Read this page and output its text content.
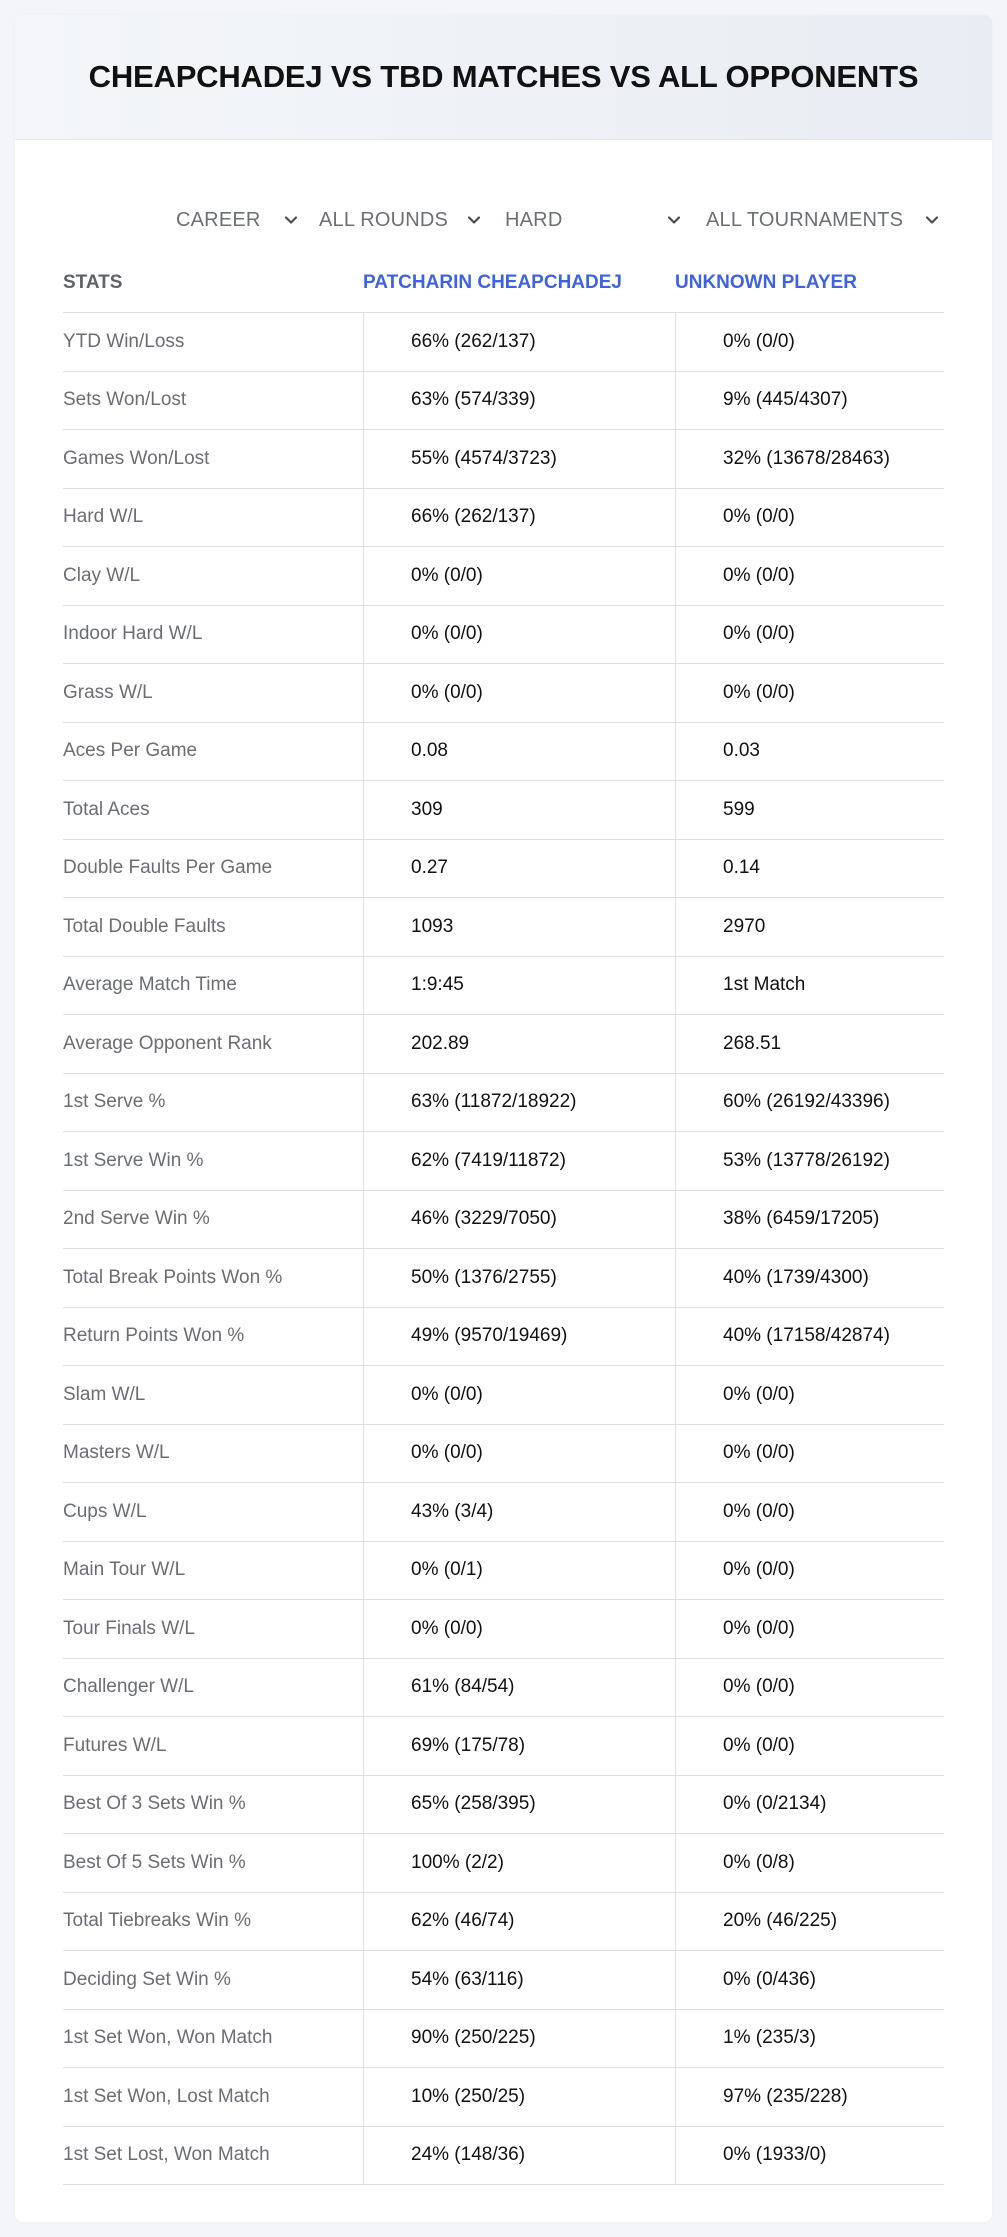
CHEAPCHADEJ VS TBD MATCHES VS ALL OPPONENTS
CAREER	ALL ROUNDS	HARD	ALL TOURNAMENTS
STATS	PATCHARIN CHEAPCHADEJ	UNKNOWN PLAYER
YTD Win/Loss	66% (262/137)	0% (0/0)
Sets Won/Lost	63% (574/339)	9% (445/4307)
Games Won/Lost	55% (4574/3723)	32% (13678/28463)
Hard W/L	66% (262/137)	0% (0/0)
Clay W/L	0% (0/0)	0% (0/0)
Indoor Hard W/L	0% (0/0)	0% (0/0)
Grass W/L	0% (0/0)	0% (0/0)
Aces Per Game	0.08	0.03
Total Aces	309	599
Double Faults Per Game	0.27	0.14
Total Double Faults	1093	2970
Average Match Time	1:9:45	1st Match
Average Opponent Rank	202.89	268.51
1st Serve %	63% (11872/18922)	60% (26192/43396)
1st Serve Win %	62% (7419/11872)	53% (13778/26192)
2nd Serve Win %	46% (3229/7050)	38% (6459/17205)
Total Break Points Won %	50% (1376/2755)	40% (1739/4300)
Return Points Won %	49% (9570/19469)	40% (17158/42874)
Slam W/L	0% (0/0)	0% (0/0)
Masters W/L	0% (0/0)	0% (0/0)
Cups W/L	43% (3/4)	0% (0/0)
Main Tour W/L	0% (0/1)	0% (0/0)
Tour Finals W/L	0% (0/0)	0% (0/0)
Challenger W/L	61% (84/54)	0% (0/0)
Futures W/L	69% (175/78)	0% (0/0)
Best Of 3 Sets Win %	65% (258/395)	0% (0/2134)
Best Of 5 Sets Win %	100% (2/2)	0% (0/8)
Total Tiebreaks Win %	62% (46/74)	20% (46/225)
Deciding Set Win %	54% (63/116)	0% (0/436)
1st Set Won, Won Match	90% (250/225)	1% (235/3)
1st Set Won, Lost Match	10% (250/25)	97% (235/228)
1st Set Lost, Won Match	24% (148/36)	0% (1933/0)
